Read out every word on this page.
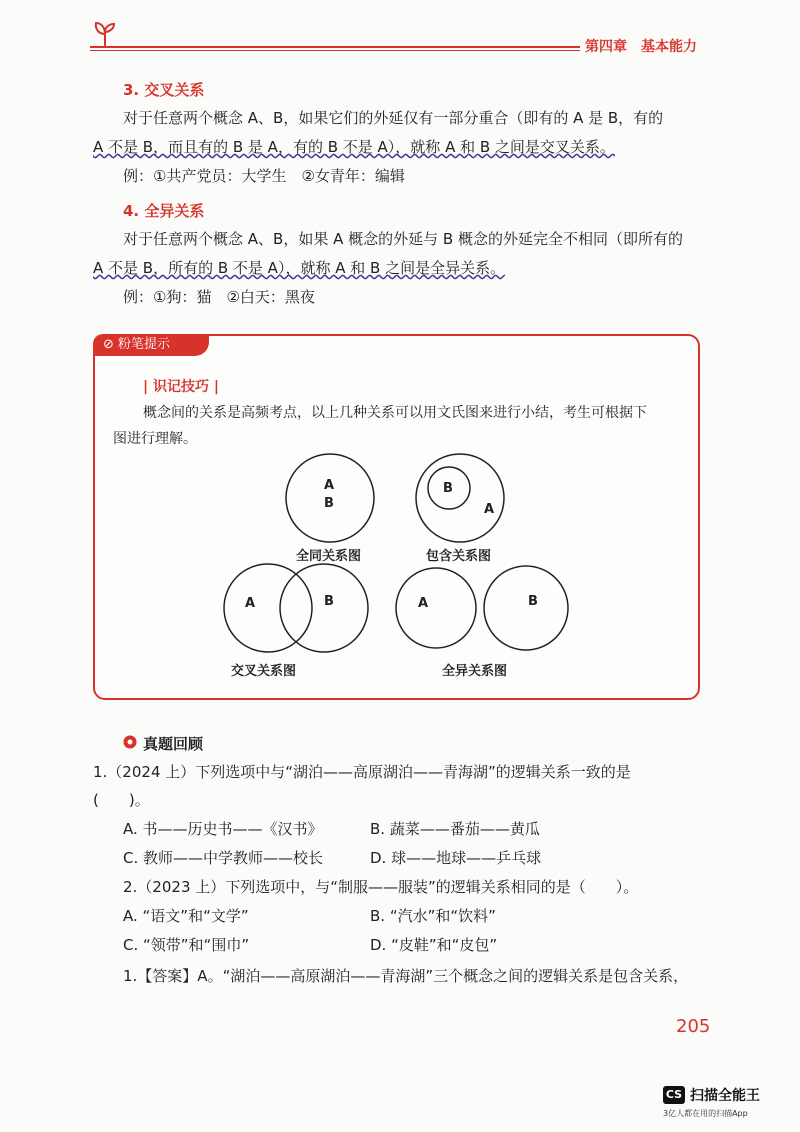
第四章　基本能力
3. 交叉关系
对于任意两个概念 A、B，如果它们的外延仅有一部分重合（即有的 A 是 B，有的
A 不是 B，而且有的 B 是 A，有的 B 不是 A），就称 A 和 B 之间是交叉关系。
例：①共产党员：大学生　②女青年：编辑
4. 全异关系
对于任意两个概念 A、B，如果 A 概念的外延与 B 概念的外延完全不相同（即所有的
A 不是 B，所有的 B 不是 A），就称 A 和 B 之间是全异关系。
例：①狗：猫　②白天：黑夜
⊘ 粉笔提示
| 识记技巧 |
概念间的关系是高频考点，以上几种关系可以用文氏图来进行小结，考生可根据下
图进行理解。
A
B
B
A
A	B	A	B
全同关系图	包含关系图
交叉关系图	全异关系图
真题回顾
1.（2024 上）下列选项中与“湖泊——高原湖泊——青海湖”的逻辑关系一致的是
(　　)。
A. 书——历史书——《汉书》	B. 蔬菜——番茄——黄瓜
C. 教师——中学教师——校长	D. 球——地球——乒乓球
2.（2023 上）下列选项中，与“制服——服装”的逻辑关系相同的是（　　）。
A. “语文”和“文学”	B. “汽水”和“饮料”
C. “领带”和“围巾”	D. “皮鞋”和“皮包”
1.【答案】A。“湖泊——高原湖泊——青海湖”三个概念之间的逻辑关系是包含关系，
205
CS 扫描全能王
3亿人都在用的扫描App
